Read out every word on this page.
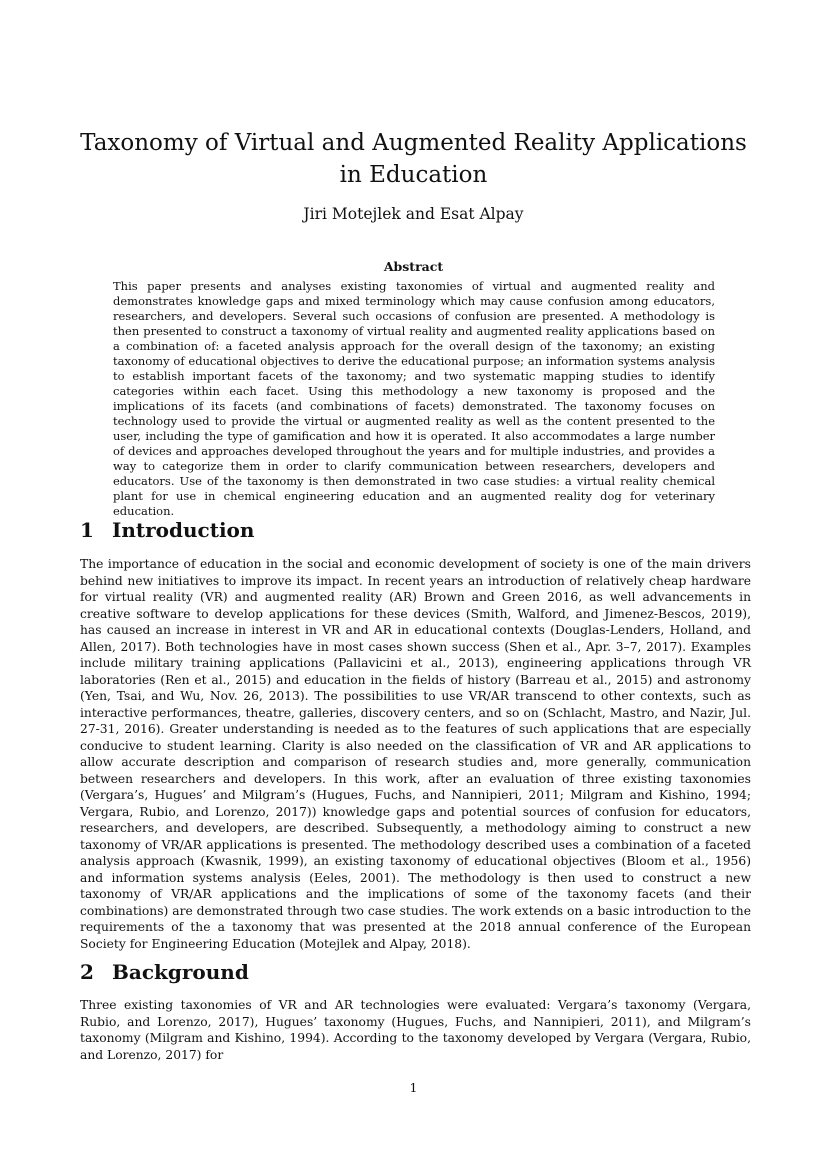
Taxonomy of Virtual and Augmented Reality Applications in Education
Jiri Motejlek and Esat Alpay
Abstract

This paper presents and analyses existing taxonomies of virtual and augmented reality and demonstrates knowledge gaps and mixed terminology which may cause confusion among educators, researchers, and developers. Several such occasions of confusion are presented. A methodology is then presented to construct a taxonomy of virtual reality and augmented reality applications based on a combination of: a faceted analysis approach for the overall design of the taxonomy; an existing taxonomy of educational objectives to derive the educational purpose; an information systems analysis to establish important facets of the taxonomy; and two systematic mapping studies to identify categories within each facet. Using this methodology a new taxonomy is proposed and the implications of its facets (and combinations of facets) demonstrated. The taxonomy focuses on technology used to provide the virtual or augmented reality as well as the content presented to the user, including the type of gamification and how it is operated. It also accommodates a large number of devices and approaches developed throughout the years and for multiple industries, and provides a way to categorize them in order to clarify communication between researchers, developers and educators. Use of the taxonomy is then demonstrated in two case studies: a virtual reality chemical plant for use in chemical engineering education and an augmented reality dog for veterinary education.

1 Introduction

The importance of education in the social and economic development of society is one of the main drivers behind new initiatives to improve its impact. In recent years an introduction of relatively cheap hardware for virtual reality (VR) and augmented reality (AR) Brown and Green 2016, as well advancements in creative software to develop applications for these devices (Smith, Walford, and Jimenez-Bescos, 2019), has caused an increase in interest in VR and AR in educational contexts (Douglas-Lenders, Holland, and Allen, 2017). Both technologies have in most cases shown success (Shen et al., Apr. 3–7, 2017). Examples include military training applications (Pallavicini et al., 2013), engineering applications through VR laboratories (Ren et al., 2015) and education in the fields of history (Barreau et al., 2015) and astronomy (Yen, Tsai, and Wu, Nov. 26, 2013). The possibilities to use VR/AR transcend to other contexts, such as interactive performances, theatre, galleries, discovery centers, and so on (Schlacht, Mastro, and Nazir, Jul. 27-31, 2016). Greater understanding is needed as to the features of such applications that are especially conducive to student learning. Clarity is also needed on the classification of VR and AR applications to allow accurate description and comparison of research studies and, more generally, communication between researchers and developers. In this work, after an evaluation of three existing taxonomies (Vergara’s, Hugues’ and Milgram’s (Hugues, Fuchs, and Nannipieri, 2011; Milgram and Kishino, 1994; Vergara, Rubio, and Lorenzo, 2017)) knowledge gaps and potential sources of confusion for educators, researchers, and developers, are described. Subsequently, a methodology aiming to construct a new taxonomy of VR/AR applications is presented. The methodology described uses a combination of a faceted analysis approach (Kwasnik, 1999), an existing taxonomy of educational objectives (Bloom et al., 1956) and information systems analysis (Eeles, 2001). The methodology is then used to construct a new taxonomy of VR/AR applications and the implications of some of the taxonomy facets (and their combinations) are demonstrated through two case studies. The work extends on a basic introduction to the requirements of the a taxonomy that was presented at the 2018 annual conference of the European Society for Engineering Education (Motejlek and Alpay, 2018).

2 Background

Three existing taxonomies of VR and AR technologies were evaluated: Vergara’s taxonomy (Vergara, Rubio, and Lorenzo, 2017), Hugues’ taxonomy (Hugues, Fuchs, and Nannipieri, 2011), and Milgram’s taxonomy (Milgram and Kishino, 1994). According to the taxonomy developed by Vergara (Vergara, Rubio, and Lorenzo, 2017) for

1
